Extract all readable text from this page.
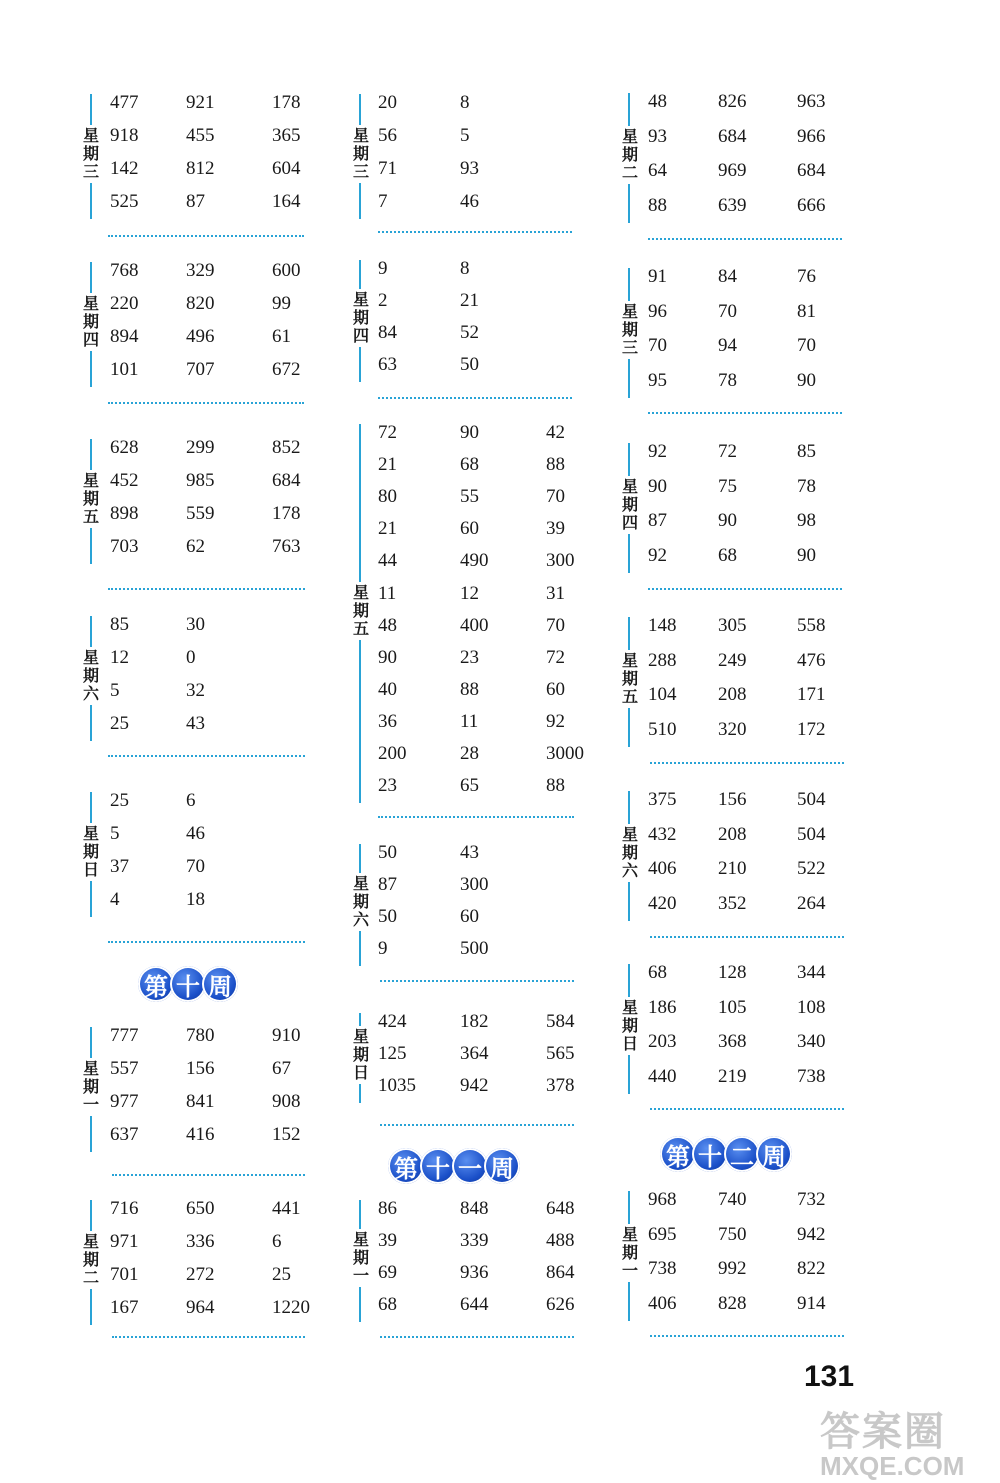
星
期
三
477	921	178
918	455	365
142	812	604
525	87	164
星
期
四
768	329	600
220	820	99
894	496	61
101	707	672
星
期
五
628	299	852
452	985	684
898	559	178
703	62	763
星
期
六
85	30
12	0
5	32
25	43
星
期
日
25	6
5	46
37	70
4	18
星
期
一
777	780	910
557	156	67
977	841	908
637	416	152
星
期
二
716	650	441
971	336	6
701	272	25
167	964	1220
第 十 周
星
期
三
20	8
56	5
71	93
7	46
星
期
四
9	8
2	21
84	52
63	50
星
期
五
72	90	42
21	68	88
80	55	70
21	60	39
44	490	300
11	12	31
48	400	70
90	23	72
40	88	60
36	11	92
200	28	3000
23	65	88
星
期
六
50	43
87	300
50	60
9	500
星
期
日
424	182	584
125	364	565
1035 942	378
星
期
一
86	848	648
39	339	488
69	936	864
68	644	626
第 十 一 周
星
期
二
48	826	963
93	684	966
64	969	684
88	639	666
星
期
三
91	84	76
96	70	81
70	94	70
95	78	90
星
期
四
92	72	85
90	75	78
87	90	98
92	68	90
星
期
五
148 305	558
288 249	476
104 208	171
510 320	172
星
期
六
375 156	504
432 208	504
406 210	522
420 352	264
星
期
日
68	128	344
186 105	108
203 368	340
440 219	738
星
期
一
968 740	732
695 750	942
738 992	822
406 828	914
第 十 二 周
131
答案圈
MXQE.COM
